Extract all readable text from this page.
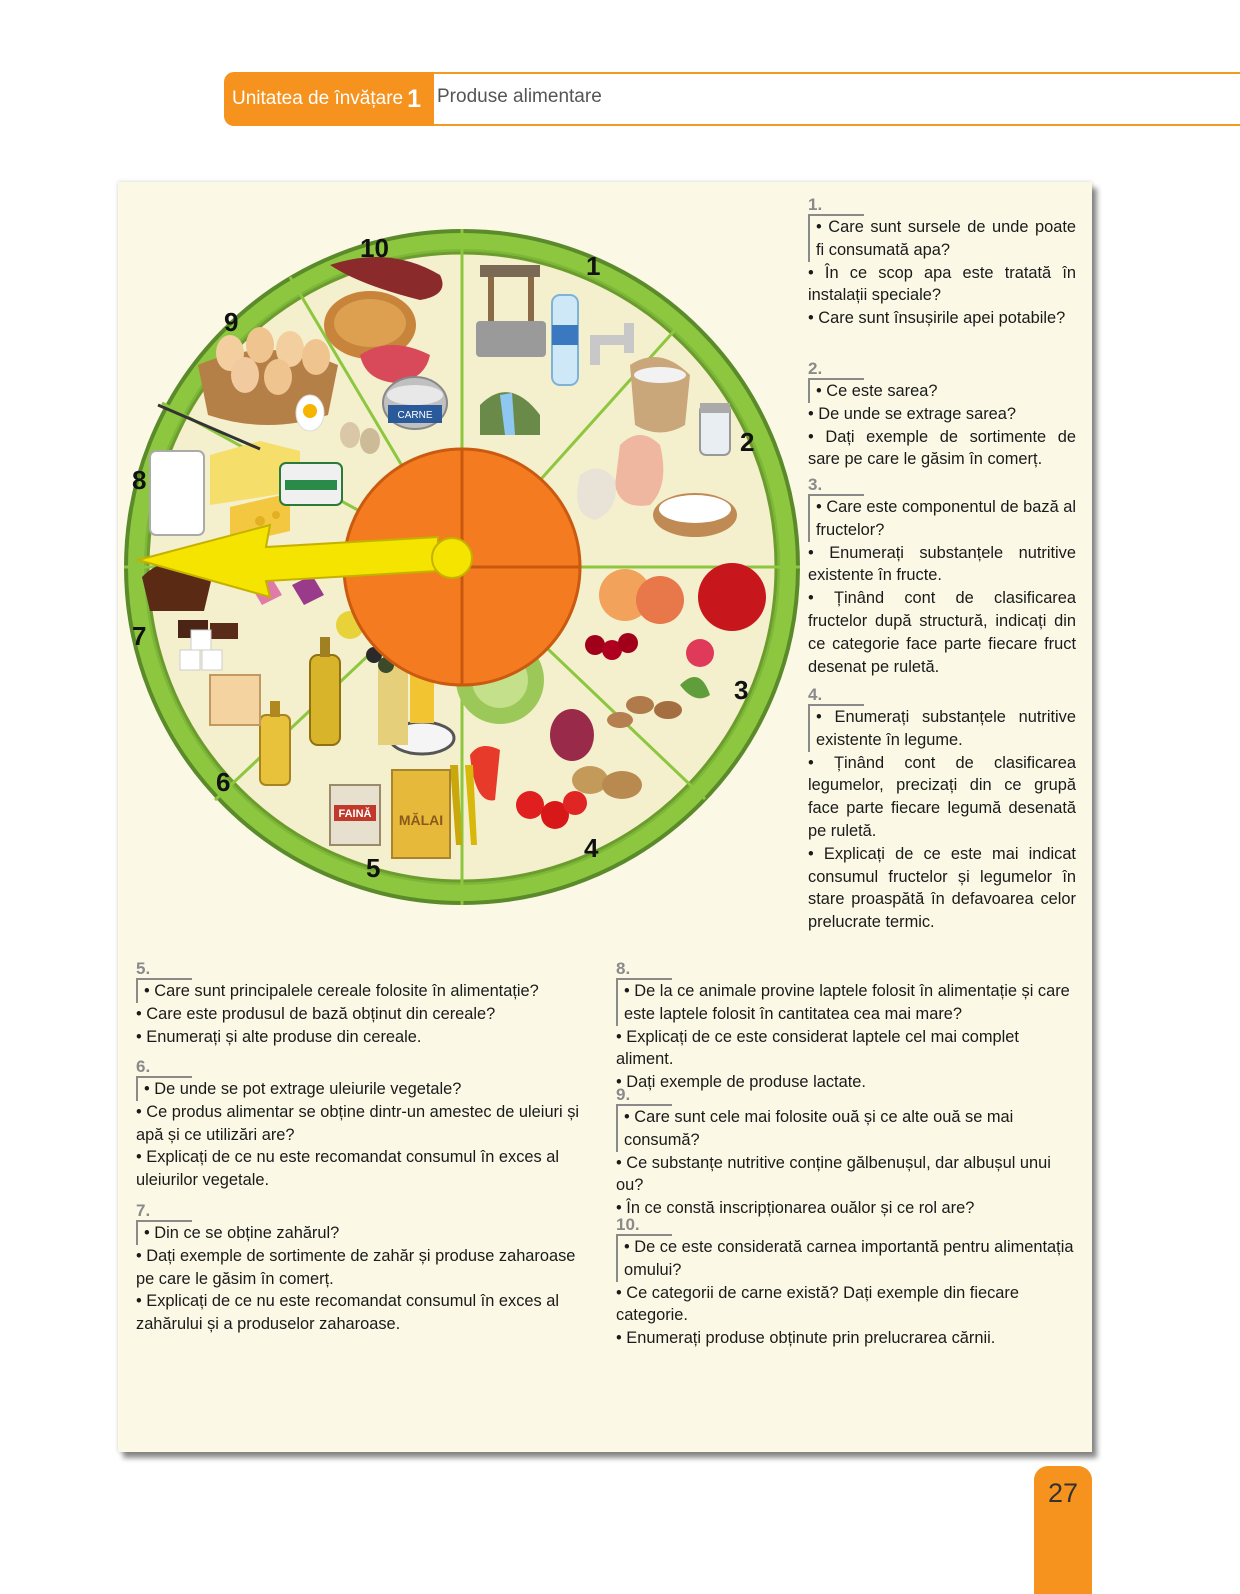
Unitatea de învățare 1 Produse alimentare
FAINĂ MĂLAI
CARNE
1
2
3
4
5
6
7
8
9
10
1.
• Care sunt sursele de unde poate fi consumată apa?
• În ce scop apa este tratată în instalații speciale?
• Care sunt însușirile apei potabile?
2.
• Ce este sarea?
• De unde se extrage sarea?
• Dați exemple de sortimente de sare pe care le găsim în comerț.
3.
• Care este componentul de bază al fructelor?
• Enumerați substanțele nutritive existente în fructe.
• Ținând cont de clasificarea fructelor după structură, indicați din ce categorie face parte fiecare fruct desenat pe ruletă.
4.
• Enumerați substanțele nutritive existente în legume.
• Ținând cont de clasificarea legumelor, precizați din ce grupă face parte fiecare legumă desenată pe ruletă.
• Explicați de ce este mai indicat consumul fructelor și legumelor în stare proaspătă în defavoarea celor prelucrate termic.
5.
• Care sunt principalele cereale folosite în alimentație?
• Care este produsul de bază obținut din cereale?
• Enumerați și alte produse din cereale.
6.
• De unde se pot extrage uleiurile vegetale?
• Ce produs alimentar se obține dintr-un amestec de uleiuri și apă și ce utilizări are?
• Explicați de ce nu este recomandat consumul în exces al uleiurilor vegetale.
7.
• Din ce se obține zahărul?
• Dați exemple de sortimente de zahăr și produse zaharoase pe care le găsim în comerț.
• Explicați de ce nu este recomandat consumul în exces al zahărului și a produselor zaharoase.
8.
• De la ce animale provine laptele folosit în alimentație și care este laptele folosit în cantitatea cea mai mare?
• Explicați de ce este considerat laptele cel mai complet aliment.
• Dați exemple de produse lactate.
9.
• Care sunt cele mai folosite ouă și ce alte ouă se mai consumă?
• Ce substanțe nutritive conține gălbenușul, dar albușul unui ou?
• În ce constă inscripționarea ouălor și ce rol are?
10.
• De ce este considerată carnea importantă pentru alimentația omului?
• Ce categorii de carne există? Dați exemple din fiecare categorie.
• Enumerați produse obținute prin prelucrarea cărnii.
27
